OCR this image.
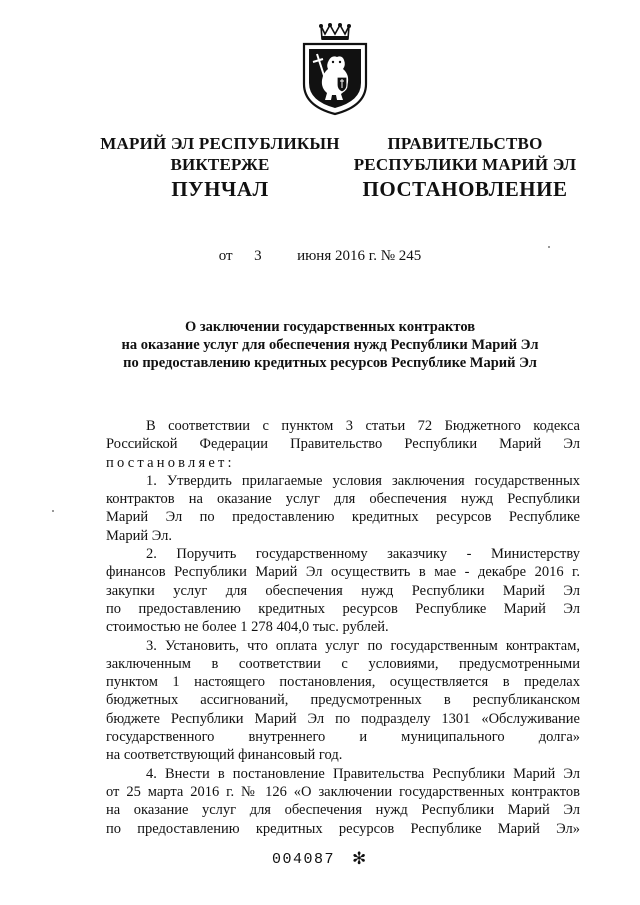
МАРИЙ ЭЛ РЕСПУБЛИКЫН
ВИКТЕРЖЕ
ПРАВИТЕЛЬСТВО
РЕСПУБЛИКИ МАРИЙ ЭЛ
ПУНЧАЛ	ПОСТАНОВЛЕНИЕ
от 3 июня 2016 г. № 245
О заключении государственных контрактов
на оказание услуг для обеспечения нужд Республики Марий Эл
по предоставлению кредитных ресурсов Республике Марий Эл
В соответствии с пунктом 3 статьи 72 Бюджетного кодекса
Российской Федерации Правительство Республики Марий Эл
постановляет:
1. Утвердить прилагаемые условия заключения государственных
контрактов на оказание услуг для обеспечения нужд Республики
Марий Эл по предоставлению кредитных ресурсов Республике
Марий Эл.
2. Поручить государственному заказчику - Министерству
финансов Республики Марий Эл осуществить в мае - декабре 2016 г.
закупки услуг для обеспечения нужд Республики Марий Эл
по предоставлению кредитных ресурсов Республике Марий Эл
стоимостью не более 1 278 404,0 тыс. рублей.
3. Установить, что оплата услуг по государственным контрактам,
заключенным в соответствии с условиями, предусмотренными
пунктом 1 настоящего постановления, осуществляется в пределах
бюджетных ассигнований, предусмотренных в республиканском
бюджете Республики Марий Эл по подразделу 1301 «Обслуживание
государственного внутреннего и муниципального долга»
на соответствующий финансовый год.
4. Внести в постановление Правительства Республики Марий Эл
от 25 марта 2016 г. № 126 «О заключении государственных контрактов
на оказание услуг для обеспечения нужд Республики Марий Эл
по предоставлению кредитных ресурсов Республике Марий Эл»
004087 ✻
